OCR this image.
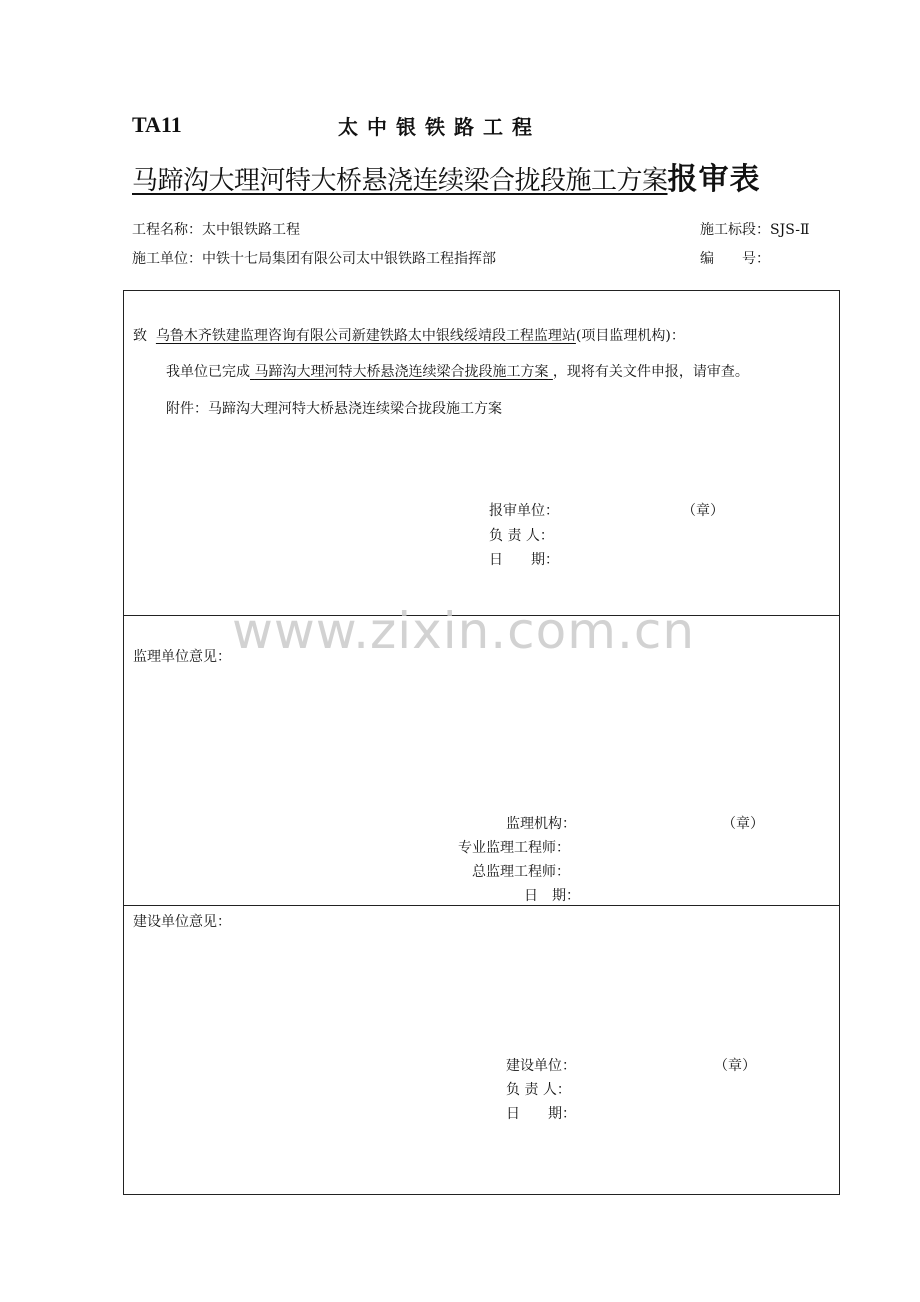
TA11	太中银铁路工程
马蹄沟大理河特大桥悬浇连续梁合拢段施工方案报审表
工程名称：太中银铁路工程	施工标段：SJS-Ⅱ
施工单位：中铁十七局集团有限公司太中银铁路工程指挥部	编　　号：
致 乌鲁木齐铁建监理咨询有限公司新建铁路太中银线绥靖段工程监理站(项目监理机构)：
我单位已完成 马蹄沟大理河特大桥悬浇连续梁合拢段施工方案 ，现将有关文件申报，请审查。
附件：马蹄沟大理河特大桥悬浇连续梁合拢段施工方案
报审单位：	（章）
负 责 人：
日　　期：
监理单位意见：
监理机构：	（章）
专业监理工程师：
总监理工程师：
日　期：
建设单位意见：
建设单位：	（章）
负 责 人：
日　　期：
www.zixin.com.cn
